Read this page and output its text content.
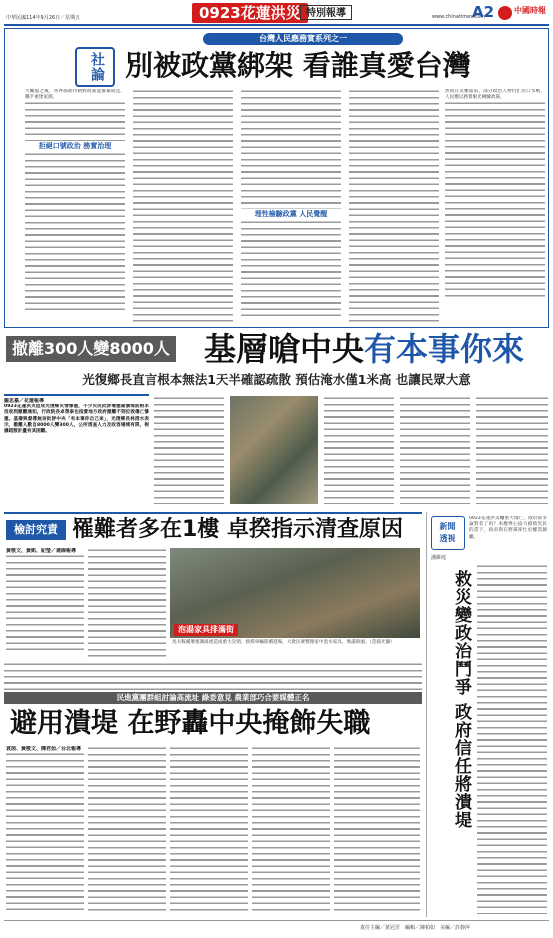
中華民國114年9月26日／星期五	0923花蓮洪災 特別報導	www.chinatimes.com
A2 中國時報
台灣人民應務實系列之一
社論 別被政黨綁架 看誰真愛台灣
大颱風之後，各界都期待朝野政黨能摒棄成見，攜手重建家園。
拒絕口號政治 務實治理
理性檢驗政黨 人民覺醒
然而在災難面前，部分政治人物仍忙於口水戰，人民應以務實眼光檢驗政黨。
撤離300人變8000人 基層嗆中央 有本事你來
光復鄉長直言根本無法1天半確認疏散 預估淹水僅1米高 也讓民眾大意
羅思嘉／花蓮報導
0923花蓮洪災造成光復鄉災情慘重，不少災民批評堰塞湖潰堤前根本沒收到撤離通知，行政院長卓榮泰也指責地方政府撤離不到位致傷亡慘重。基層與督導無奈批評中央「有本事你自己來」，光復鄉長林清水表示，撤離人數自8000人變300人，公所清查人力及收容場域有限，根據疏散計畫有其困難。
檢討究責 罹難者多在1樓 卓揆指示清查原因
黃敬文、黃凱、紀瑩／連線報導
泡湯家具排滿街
馬太鞍溪堰塞湖溢流造成重大災情，救援車輛陸續進場，大批民眾整理家中泡水家具，堆滿街頭。（范揚光攝）
民進黨團群組討論高流址 綠委意見 農業部巧合要媒體正名
避用潰堤 在野轟中央掩飾失職
袁茵、黃敬文、陳君茹／台北報導
新聞
透視
潘維庭
0923花蓮洪災釀重大傷亡，政府卻爭論對者了吗？本應齊心協力搶救災民的當下，政府與在野黨卻忙於權責歸屬。
救災變政治鬥爭 政府信任將潰堤
責任主編／黃冠芳　編輯／陳柏如　美編／許靜萍
